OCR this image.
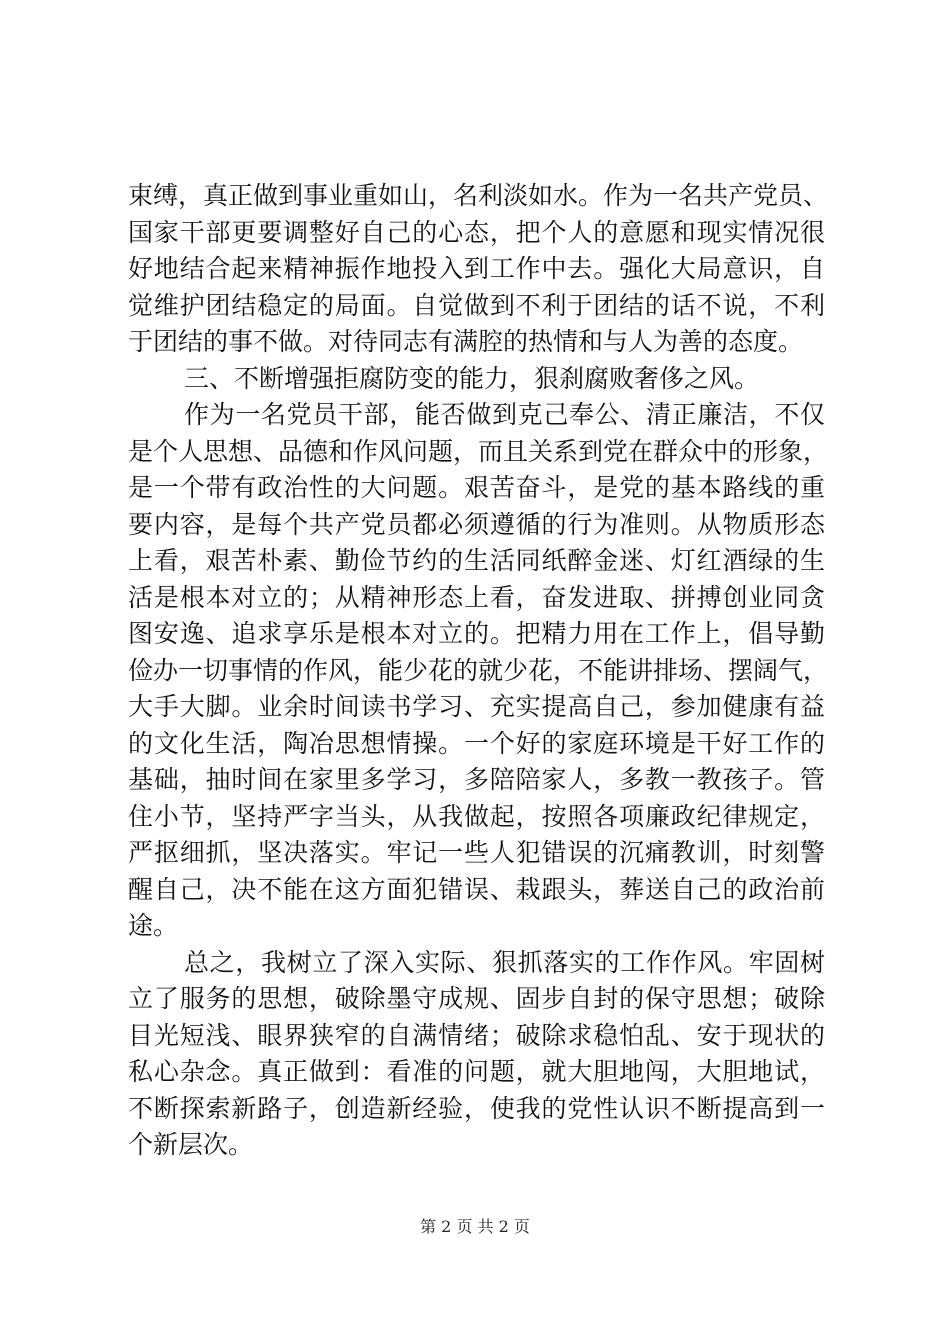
束缚，真正做到事业重如山，名利淡如水。作为一名共产党员、
国家干部更要调整好自己的心态，把个人的意愿和现实情况很
好地结合起来精神振作地投入到工作中去。强化大局意识，自
觉维护团结稳定的局面。自觉做到不利于团结的话不说，不利
于团结的事不做。对待同志有满腔的热情和与人为善的态度。
三、不断增强拒腐防变的能力，狠刹腐败奢侈之风。
作为一名党员干部，能否做到克己奉公、清正廉洁，不仅
是个人思想、品德和作风问题，而且关系到党在群众中的形象，
是一个带有政治性的大问题。艰苦奋斗，是党的基本路线的重
要内容，是每个共产党员都必须遵循的行为准则。从物质形态
上看，艰苦朴素、勤俭节约的生活同纸醉金迷、灯红酒绿的生
活是根本对立的；从精神形态上看，奋发进取、拼搏创业同贪
图安逸、追求享乐是根本对立的。把精力用在工作上，倡导勤
俭办一切事情的作风，能少花的就少花，不能讲排场、摆阔气，
大手大脚。业余时间读书学习、充实提高自己，参加健康有益
的文化生活，陶冶思想情操。一个好的家庭环境是干好工作的
基础，抽时间在家里多学习，多陪陪家人，多教一教孩子。管
住小节，坚持严字当头，从我做起，按照各项廉政纪律规定，
严抠细抓，坚决落实。牢记一些人犯错误的沉痛教训，时刻警
醒自己，决不能在这方面犯错误、栽跟头，葬送自己的政治前
途。
总之，我树立了深入实际、狠抓落实的工作作风。牢固树
立了服务的思想，破除墨守成规、固步自封的保守思想；破除
目光短浅、眼界狭窄的自满情绪；破除求稳怕乱、安于现状的
私心杂念。真正做到：看准的问题，就大胆地闯，大胆地试，
不断探索新路子，创造新经验，使我的党性认识不断提高到一
个新层次。
第 2 页 共 2 页
